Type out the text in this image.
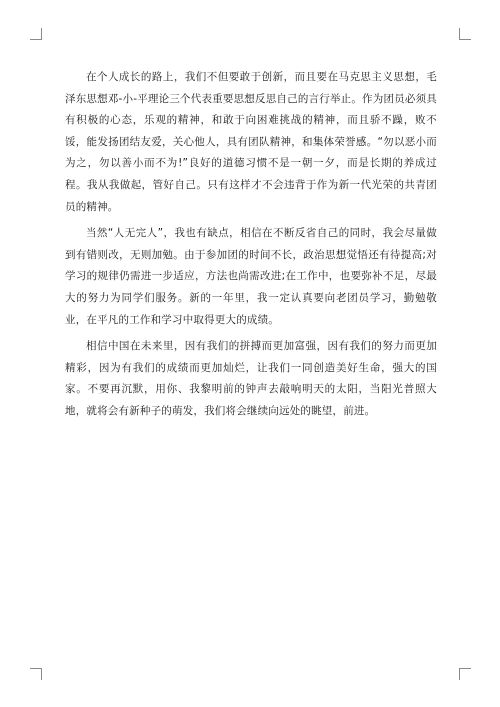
在个人成长的路上，我们不但要敢于创新，而且要在马克思主义思想，毛泽东思想邓-小-平理论三个代表重要思想反思自己的言行举止。作为团员必须具有积极的心态，乐观的精神，和敢于向困难挑战的精神，而且骄不躁，败不馁，能发扬团结友爱，关心他人，具有团队精神，和集体荣誉感。“勿以恶小而为之，勿以善小而不为!”良好的道德习惯不是一朝一夕，而是长期的养成过程。我从我做起，管好自己。只有这样才不会违背于作为新一代光荣的共青团员的精神。

当然“人无完人”，我也有缺点，相信在不断反省自己的同时，我会尽量做到有错则改，无则加勉。由于参加团的时间不长，政治思想觉悟还有待提高;对学习的规律仍需进一步适应，方法也尚需改进;在工作中，也要弥补不足，尽最大的努力为同学们服务。新的一年里，我一定认真要向老团员学习，勤勉敬业，在平凡的工作和学习中取得更大的成绩。

相信中国在未来里，因有我们的拼搏而更加富强，因有我们的努力而更加精彩，因为有我们的成绩而更加灿烂，让我们一同创造美好生命，强大的国家。不要再沉默，用你、我黎明前的钟声去敲响明天的太阳，当阳光普照大地，就将会有新种子的萌发，我们将会继续向远处的眺望，前进。
